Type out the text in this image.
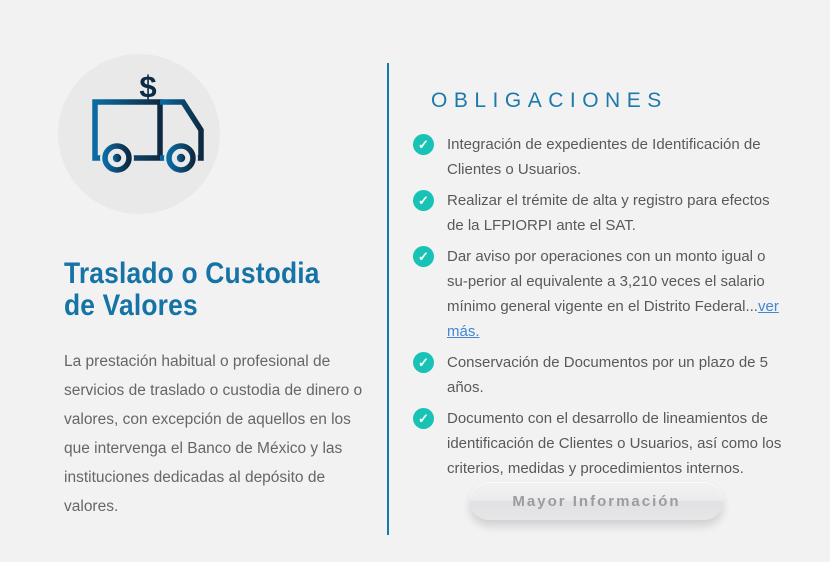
$
Traslado o Custodia
de Valores

La prestación habitual o profesional de servicios de traslado o custodia de dinero o valores, con excepción de aquellos en los que intervenga el Banco de México y las instituciones dedicadas al depósito de valores.

OBLIGACIONES
✓	Integración de expedientes de Identificación de Clientes o Usuarios.

✓	Realizar el trémite de alta y registro para efectos de la LFPIORPI ante el SAT.

✓	Dar aviso por operaciones con un monto igual o su-perior al equivalente a 3,210 veces el salario mínimo general vigente en el Distrito Federal...ver más.

✓	Conservación de Documentos por un plazo de 5 años.

✓	Documento con el desarrollo de lineamientos de identificación de Clientes o Usuarios, así como los criterios, medidas y procedimientos internos.

Mayor Información
